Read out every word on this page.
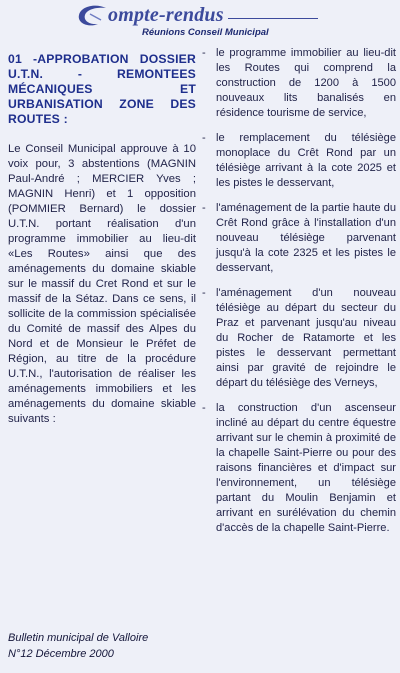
ompte-rendus
Réunions Conseil Municipal
01 -APPROBATION DOSSIER U.T.N. - REMONTEES MÉCANIQUES ET URBANISATION ZONE DES ROUTES :

Le Conseil Municipal approuve à 10 voix pour, 3 abstentions (MAGNIN Paul-André ; MERCIER Yves ; MAGNIN Henri) et 1 opposition (POMMIER Bernard) le dossier U.T.N. portant réalisation d'un programme immobilier au lieu-dit «Les Routes» ainsi que des aménagements du domaine skiable sur le massif du Cret Rond et sur le massif de la Sétaz. Dans ce sens, il sollicite de la commission spécialisée du Comité de massif des Alpes du Nord et de Monsieur le Préfet de Région, au titre de la procédure U.T.N., l'autorisation de réaliser les aménagements immobiliers et les aménagements du domaine skiable suivants :

- le programme immobilier au lieu-dit les Routes qui comprend la construction de 1200 à 1500 nouveaux lits banalisés en résidence tourisme de service,
- le remplacement du télésiège monoplace du Crêt Rond par un télésiège arrivant à la cote 2025 et les pistes le desservant,
- l'aménagement de la partie haute du Crêt Rond grâce à l'installation d'un nouveau télésiège parvenant jusqu'à la cote 2325 et les pistes le desservant,
- l'aménagement d'un nouveau télésiège au départ du secteur du Praz et parvenant jusqu'au niveau du Rocher de Ratamorte et les pistes le desservant permettant ainsi par gravité de rejoindre le départ du télésiège des Verneys,
- la construction d'un ascenseur incliné au départ du centre équestre arrivant sur le chemin à proximité de la chapelle Saint-Pierre ou pour des raisons financières et d'impact sur l'environnement, un télésiège partant du Moulin Benjamin et arrivant en surélévation du chemin d'accès de la chapelle Saint-Pierre.
Bulletin municipal de Valloire
N°12 Décembre 2000
